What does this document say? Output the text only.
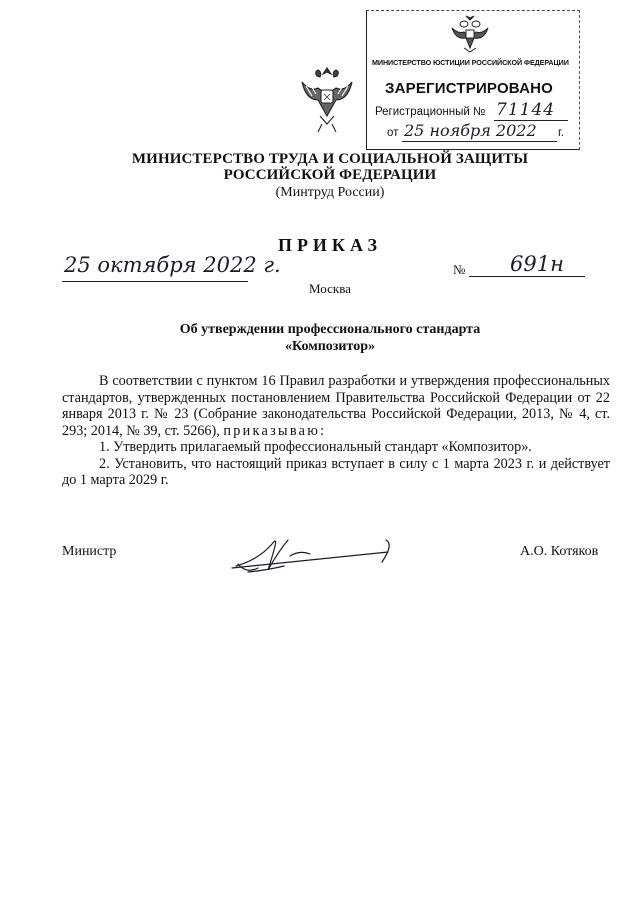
МИНИСТЕРСТВО ЮСТИЦИИ РОССИЙСКОЙ ФЕДЕРАЦИИ
ЗАРЕГИСТРИРОВАНО
Регистрационный № 71144
от 25 ноября 2022 г.
МИНИСТЕРСТВО ТРУДА И СОЦИАЛЬНОЙ ЗАЩИТЫ
РОССИЙСКОЙ ФЕДЕРАЦИИ
(Минтруд России)
ПРИКАЗ
25 октября 2022 г.	№ 691н
Москва
Об утверждении профессионального стандарта
«Композитор»

В соответствии с пунктом 16 Правил разработки и утверждения профессиональных стандартов, утвержденных постановлением Правительства Российской Федерации от 22 января 2013 г. № 23 (Собрание законодательства Российской Федерации, 2013, № 4, ст. 293; 2014, № 39, ст. 5266), приказываю:

1. Утвердить прилагаемый профессиональный стандарт «Композитор».

2. Установить, что настоящий приказ вступает в силу с 1 марта 2023 г. и действует до 1 марта 2029 г.

Министр	А.О. Котяков
